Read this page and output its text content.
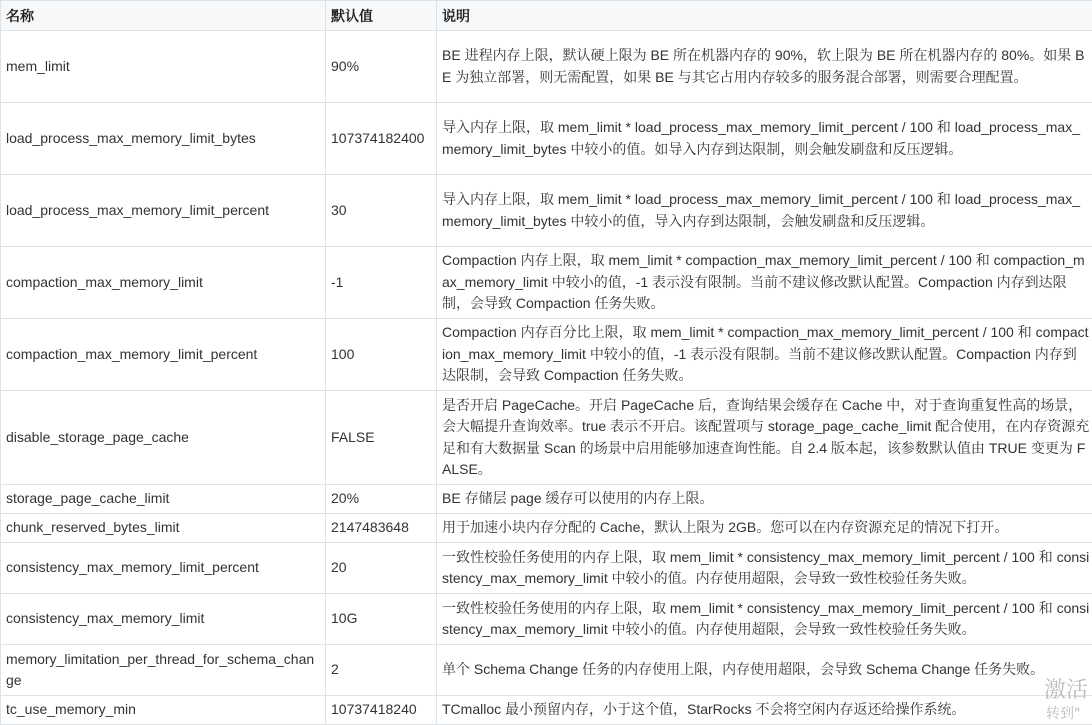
名称	默认值	说明
mem_limit	90%	BE 进程内存上限，默认硬上限为 BE 所在机器内存的 90%，软上限为 BE 所在机器内存的 80%。如果 BE 为独立部署，则无需配置，如果 BE 与其它占用内存较多的服务混合部署，则需要合理配置。
load_process_max_memory_limit_bytes	107374182400	导入内存上限，取 mem_limit * load_process_max_memory_limit_percent / 100 和 load_process_max_memory_limit_bytes 中较小的值。如导入内存到达限制，则会触发刷盘和反压逻辑。
load_process_max_memory_limit_percent	30	导入内存上限，取 mem_limit * load_process_max_memory_limit_percent / 100 和 load_process_max_memory_limit_bytes 中较小的值，导入内存到达限制，会触发刷盘和反压逻辑。
compaction_max_memory_limit	-1	Compaction 内存上限，取 mem_limit * compaction_max_memory_limit_percent / 100 和 compaction_max_memory_limit 中较小的值，-1 表示没有限制。当前不建议修改默认配置。Compaction 内存到达限制，会导致 Compaction 任务失败。
compaction_max_memory_limit_percent	100	Compaction 内存百分比上限，取 mem_limit * compaction_max_memory_limit_percent / 100 和 compaction_max_memory_limit 中较小的值，-1 表示没有限制。当前不建议修改默认配置。Compaction 内存到达限制，会导致 Compaction 任务失败。
disable_storage_page_cache	FALSE	是否开启 PageCache。开启 PageCache 后，查询结果会缓存在 Cache 中，对于查询重复性高的场景，会大幅提升查询效率。true 表示不开启。该配置项与 storage_page_cache_limit 配合使用，在内存资源充足和有大数据量 Scan 的场景中启用能够加速查询性能。自 2.4 版本起，该参数默认值由 TRUE 变更为 FALSE。
storage_page_cache_limit	20%	BE 存储层 page 缓存可以使用的内存上限。
chunk_reserved_bytes_limit	2147483648	用于加速小块内存分配的 Cache，默认上限为 2GB。您可以在内存资源充足的情况下打开。
consistency_max_memory_limit_percent	20	一致性校验任务使用的内存上限，取 mem_limit * consistency_max_memory_limit_percent / 100 和 consistency_max_memory_limit 中较小的值。内存使用超限，会导致一致性校验任务失败。
consistency_max_memory_limit	10G	一致性校验任务使用的内存上限，取 mem_limit * consistency_max_memory_limit_percent / 100 和 consistency_max_memory_limit 中较小的值。内存使用超限，会导致一致性校验任务失败。
memory_limitation_per_thread_for_schema_change	2	单个 Schema Change 任务的内存使用上限，内存使用超限，会导致 Schema Change 任务失败。
tc_use_memory_min	10737418240	TCmalloc 最小预留内存，小于这个值，StarRocks 不会将空闲内存返还给操作系统。
激活
转到"
